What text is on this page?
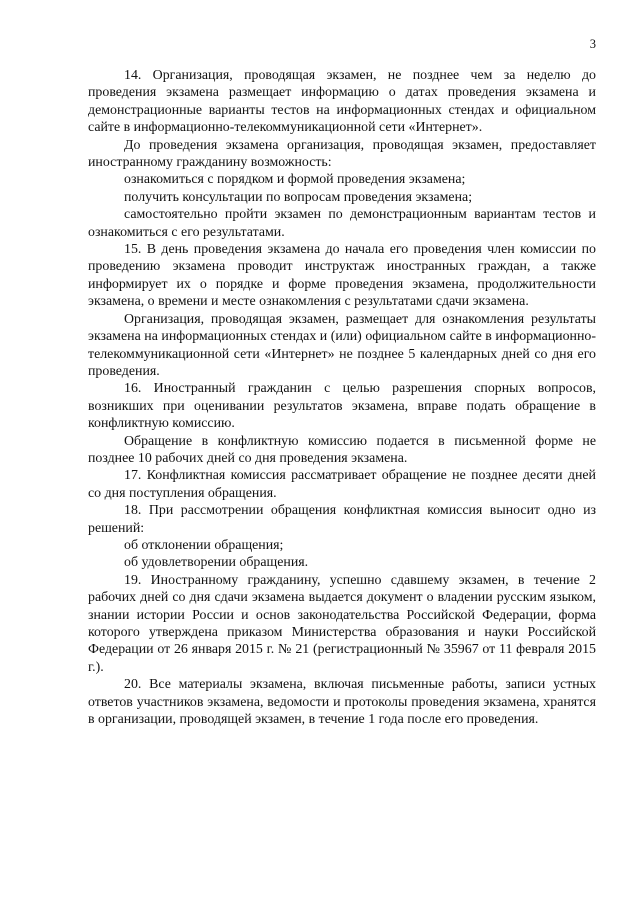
3

14. Организация, проводящая экзамен, не позднее чем за неделю до проведения экзамена размещает информацию о датах проведения экзамена и демонстрационные варианты тестов на информационных стендах и официальном сайте в информационно-телекоммуникационной сети «Интернет».

До проведения экзамена организация, проводящая экзамен, предоставляет иностранному гражданину возможность:

ознакомиться с порядком и формой проведения экзамена;

получить консультации по вопросам проведения экзамена;

самостоятельно пройти экзамен по демонстрационным вариантам тестов и ознакомиться с его результатами.

15. В день проведения экзамена до начала его проведения член комиссии по проведению экзамена проводит инструктаж иностранных граждан, а также информирует их о порядке и форме проведения экзамена, продолжительности экзамена, о времени и месте ознакомления с результатами сдачи экзамена.

Организация, проводящая экзамен, размещает для ознакомления результаты экзамена на информационных стендах и (или) официальном сайте в информационно-телекоммуникационной сети «Интернет» не позднее 5 календарных дней со дня его проведения.

16. Иностранный гражданин с целью разрешения спорных вопросов, возникших при оценивании результатов экзамена, вправе подать обращение в конфликтную комиссию.

Обращение в конфликтную комиссию подается в письменной форме не позднее 10 рабочих дней со дня проведения экзамена.

17. Конфликтная комиссия рассматривает обращение не позднее десяти дней со дня поступления обращения.

18. При рассмотрении обращения конфликтная комиссия выносит одно из решений:

об отклонении обращения;

об удовлетворении обращения.

19. Иностранному гражданину, успешно сдавшему экзамен, в течение 2 рабочих дней со дня сдачи экзамена выдается документ о владении русским языком, знании истории России и основ законодательства Российской Федерации, форма которого утверждена приказом Министерства образования и науки Российской Федерации от 26 января 2015 г. № 21 (регистрационный № 35967 от 11 февраля 2015 г.).

20. Все материалы экзамена, включая письменные работы, записи устных ответов участников экзамена, ведомости и протоколы проведения экзамена, хранятся в организации, проводящей экзамен, в течение 1 года после его проведения.
